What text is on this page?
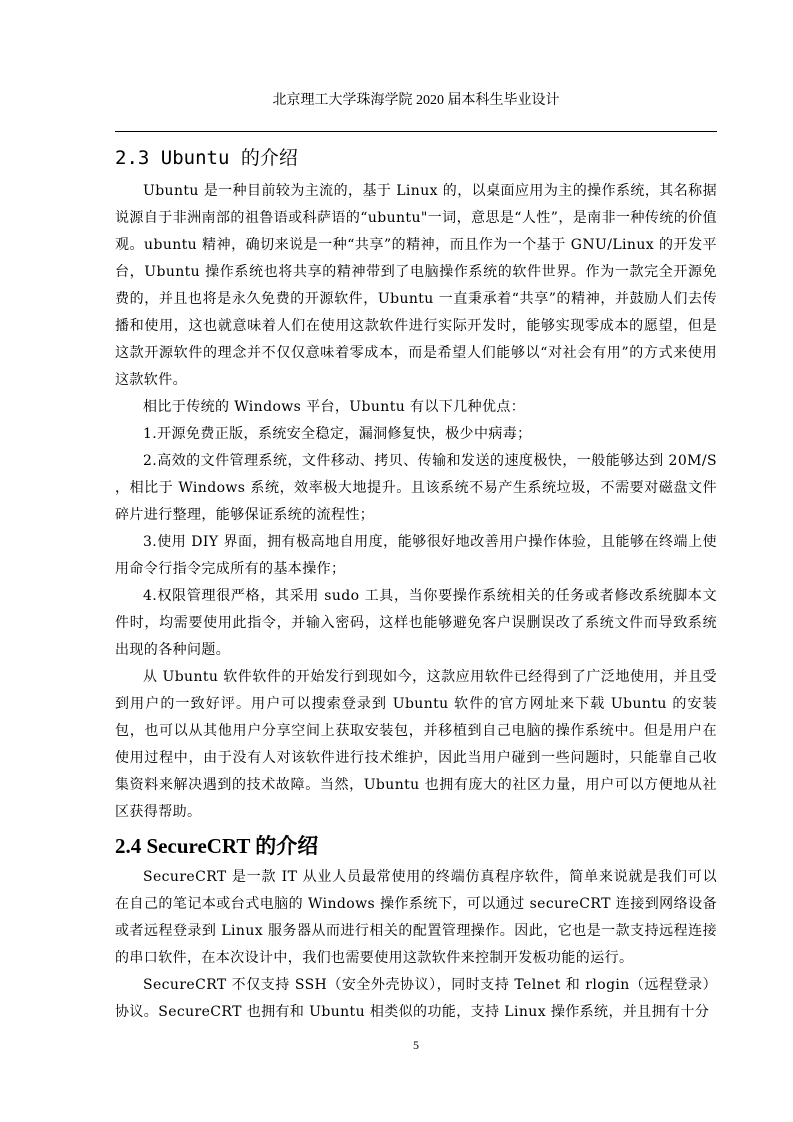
北京理工大学珠海学院 2020 届本科生毕业设计
2.3 Ubuntu 的介绍

Ubuntu 是一种目前较为主流的，基于 Linux 的，以桌面应用为主的操作系统，其名称据说源自于非洲南部的祖鲁语或科萨语的“ubuntu"一词，意思是“人性”，是南非一种传统的价值观。ubuntu 精神，确切来说是一种“共享”的精神，而且作为一个基于 GNU/Linux 的开发平台，Ubuntu 操作系统也将共享的精神带到了电脑操作系统的软件世界。作为一款完全开源免费的，并且也将是永久免费的开源软件，Ubuntu 一直秉承着“共享”的精神，并鼓励人们去传播和使用，这也就意味着人们在使用这款软件进行实际开发时，能够实现零成本的愿望，但是这款开源软件的理念并不仅仅意味着零成本，而是希望人们能够以“对社会有用”的方式来使用这款软件。

相比于传统的 Windows 平台，Ubuntu 有以下几种优点：

1.开源免费正版，系统安全稳定，漏洞修复快，极少中病毒；

2.高效的文件管理系统，文件移动、拷贝、传输和发送的速度极快，一般能够达到 20M/S ，相比于 Windows 系统，效率极大地提升。且该系统不易产生系统垃圾，不需要对磁盘文件碎片进行整理，能够保证系统的流程性；

3.使用 DIY 界面，拥有极高地自用度，能够很好地改善用户操作体验，且能够在终端上使用命令行指令完成所有的基本操作；

4.权限管理很严格，其采用 sudo 工具，当你要操作系统相关的任务或者修改系统脚本文件时，均需要使用此指令，并输入密码，这样也能够避免客户误删误改了系统文件而导致系统出现的各种问题。

从 Ubuntu 软件软件的开始发行到现如今，这款应用软件已经得到了广泛地使用，并且受到用户的一致好评。用户可以搜索登录到 Ubuntu 软件的官方网址来下载 Ubuntu 的安装包，也可以从其他用户分享空间上获取安装包，并移植到自己电脑的操作系统中。但是用户在使用过程中，由于没有人对该软件进行技术维护，因此当用户碰到一些问题时，只能靠自己收集资料来解决遇到的技术故障。当然，Ubuntu 也拥有庞大的社区力量，用户可以方便地从社区获得帮助。

2.4 SecureCRT 的介绍

SecureCRT 是一款 IT 从业人员最常使用的终端仿真程序软件，简单来说就是我们可以在自己的笔记本或台式电脑的 Windows 操作系统下，可以通过 secureCRT 连接到网络设备或者远程登录到 Linux 服务器从而进行相关的配置管理操作。因此，它也是一款支持远程连接的串口软件，在本次设计中，我们也需要使用这款软件来控制开发板功能的运行。

SecureCRT 不仅支持 SSH（安全外壳协议），同时支持 Telnet 和 rlogin（远程登录）协议。SecureCRT 也拥有和 Ubuntu 相类似的功能，支持 Linux 操作系统，并且拥有十分

5
